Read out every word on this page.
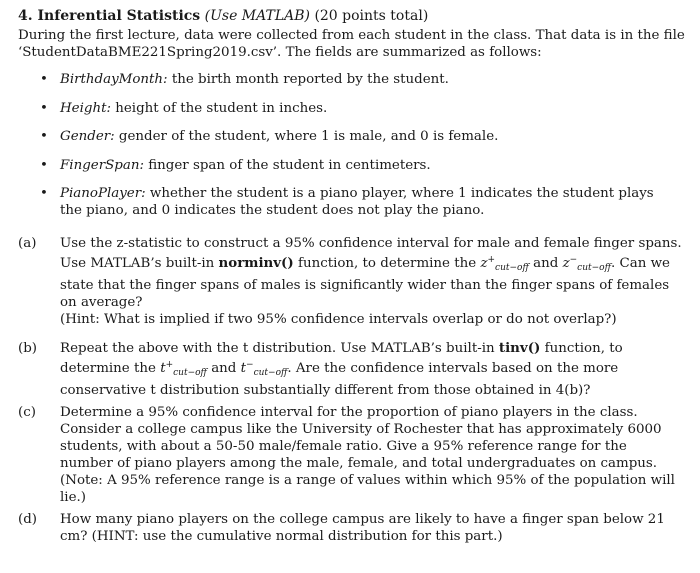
4. Inferential Statistics (Use MATLAB) (20 points total)
During the first lecture, data were collected from each student in the class. That data is in the file ‘StudentDataBME221Spring2019.csv’. The fields are summarized as follows:
• BirthdayMonth: the birth month reported by the student.
• Height: height of the student in inches.
• Gender: gender of the student, where 1 is male, and 0 is female.
• FingerSpan: finger span of the student in centimeters.
• PianoPlayer: whether the student is a piano player, where 1 indicates the student plays the piano, and 0 indicates the student does not play the piano.
(a)	Use the z-statistic to construct a 95% confidence interval for male and female finger spans. Use MATLAB’s built-in norminv() function, to determine the $z^+_{cut-off}$ and $z^-_{cut-off}$. Can we state that the finger spans of males is significantly wider than the finger spans of females on average?
(Hint: What is implied if two 95% confidence intervals overlap or do not overlap?)
(b)	Repeat the above with the t distribution. Use MATLAB’s built-in tinv() function, to determine the $t^+_{cut-off}$ and $t^-_{cut-off}$. Are the confidence intervals based on the more conservative t distribution substantially different from those obtained in 4(b)?
(c)	Determine a 95% confidence interval for the proportion of piano players in the class. Consider a college campus like the University of Rochester that has approximately 6000 students, with about a 50-50 male/female ratio. Give a 95% reference range for the number of piano players among the male, female, and total undergraduates on campus. (Note: A 95% reference range is a range of values within which 95% of the population will lie.)
(d)	How many piano players on the college campus are likely to have a finger span below 21 cm? (HINT: use the cumulative normal distribution for this part.)
